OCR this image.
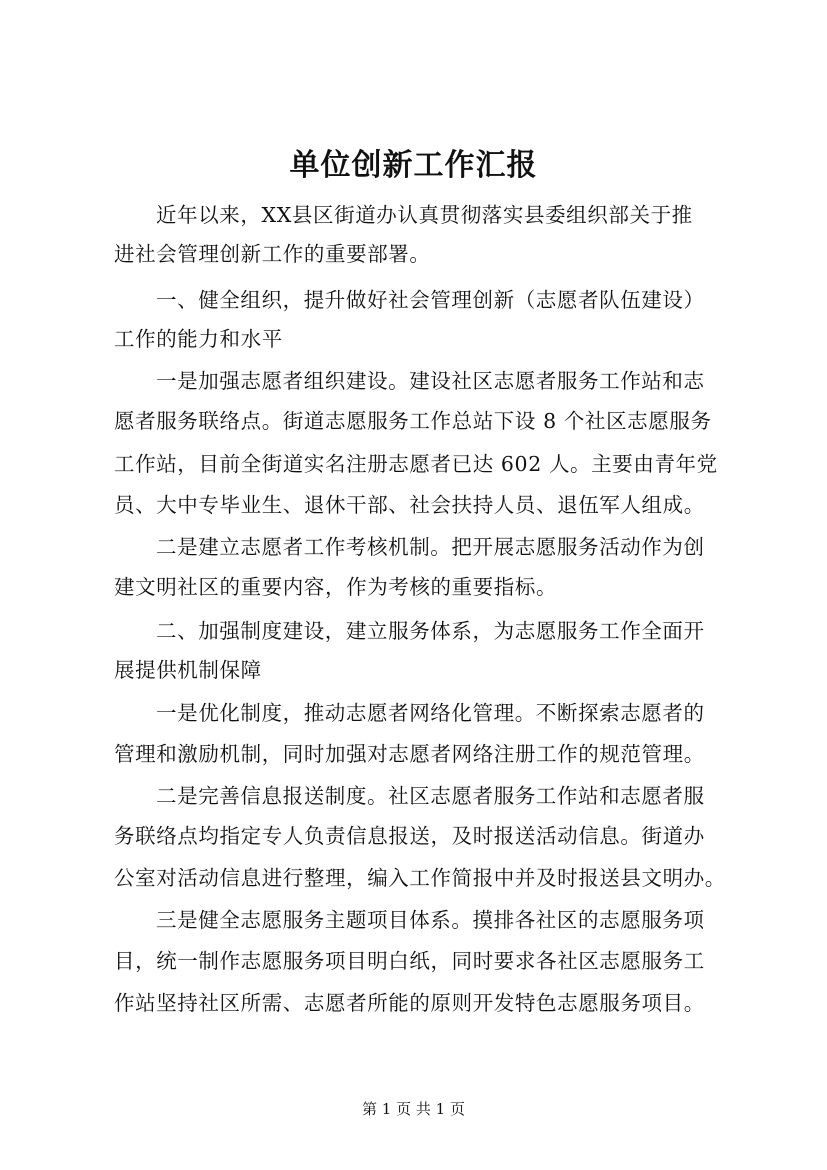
单位创新工作汇报

近年以来，XX县区街道办认真贯彻落实县委组织部关于推

进社会管理创新工作的重要部署。

一、健全组织，提升做好社会管理创新（志愿者队伍建设）

工作的能力和水平

一是加强志愿者组织建设。建设社区志愿者服务工作站和志

愿者服务联络点。街道志愿服务工作总站下设 8 个社区志愿服务

工作站，目前全街道实名注册志愿者已达 602 人。主要由青年党

员、大中专毕业生、退休干部、社会扶持人员、退伍军人组成。

二是建立志愿者工作考核机制。把开展志愿服务活动作为创

建文明社区的重要内容，作为考核的重要指标。

二、加强制度建设，建立服务体系，为志愿服务工作全面开

展提供机制保障

一是优化制度，推动志愿者网络化管理。不断探索志愿者的

管理和激励机制，同时加强对志愿者网络注册工作的规范管理。

二是完善信息报送制度。社区志愿者服务工作站和志愿者服

务联络点均指定专人负责信息报送，及时报送活动信息。街道办

公室对活动信息进行整理，编入工作简报中并及时报送县文明办。

三是健全志愿服务主题项目体系。摸排各社区的志愿服务项

目，统一制作志愿服务项目明白纸，同时要求各社区志愿服务工

作站坚持社区所需、志愿者所能的原则开发特色志愿服务项目。

第 1 页 共 1 页
